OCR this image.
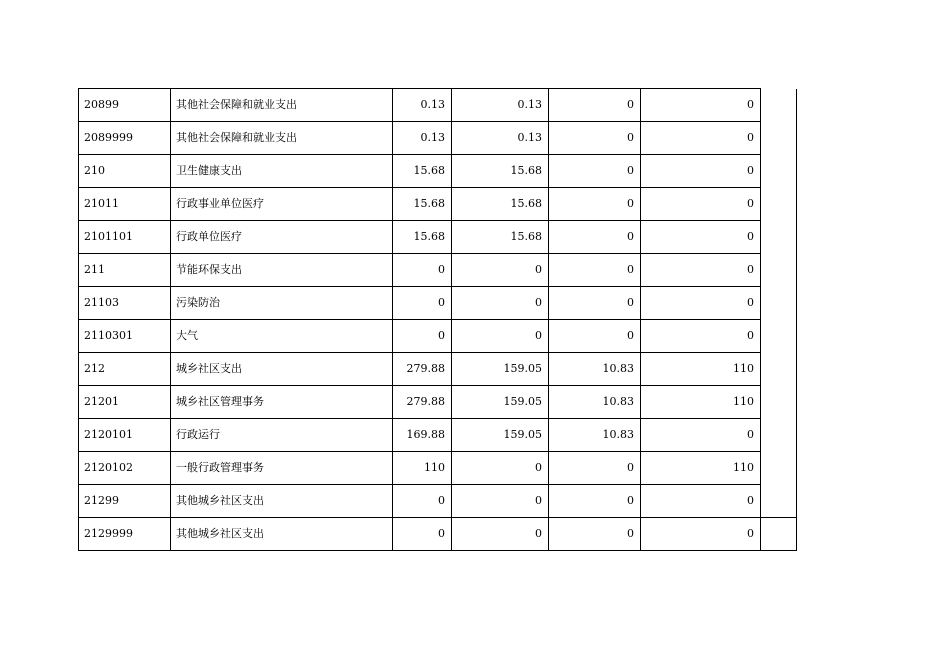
20899	其他社会保障和就业支出	0.13	0.13	0	0	
2089999	其他社会保障和就业支出	0.13	0.13	0	0	
210	卫生健康支出	15.68	15.68	0	0	
21011	行政事业单位医疗	15.68	15.68	0	0	
2101101	行政单位医疗	15.68	15.68	0	0	
211	节能环保支出	0	0	0	0	
21103	污染防治	0	0	0	0	
2110301	大气	0	0	0	0	
212	城乡社区支出	279.88	159.05	10.83	110	
21201	城乡社区管理事务	279.88	159.05	10.83	110	
2120101	行政运行	169.88	159.05	10.83	0	
2120102	一般行政管理事务	110	0	0	110	
21299	其他城乡社区支出	0	0	0	0	
2129999	其他城乡社区支出	0	0	0	0	
